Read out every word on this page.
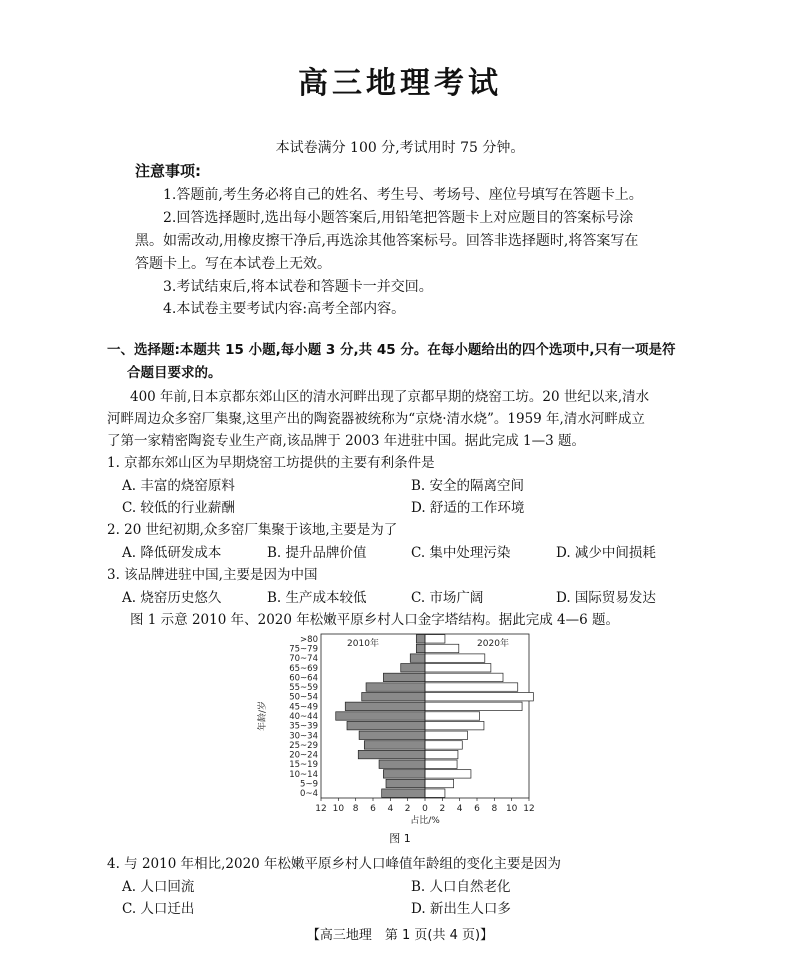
高三地理考试
本试卷满分 100 分,考试用时 75 分钟。
注意事项:
1.答题前,考生务必将自己的姓名、考生号、考场号、座位号填写在答题卡上。
2.回答选择题时,选出每小题答案后,用铅笔把答题卡上对应题目的答案标号涂
黑。如需改动,用橡皮擦干净后,再选涂其他答案标号。回答非选择题时,将答案写在
答题卡上。写在本试卷上无效。
3.考试结束后,将本试卷和答题卡一并交回。
4.本试卷主要考试内容:高考全部内容。
一、选择题:本题共 15 小题,每小题 3 分,共 45 分。在每小题给出的四个选项中,只有一项是符
合题目要求的。
400 年前,日本京都东郊山区的清水河畔出现了京都早期的烧窑工坊。20 世纪以来,清水
河畔周边众多窑厂集聚,这里产出的陶瓷器被统称为“京烧·清水烧”。1959 年,清水河畔成立
了第一家精密陶瓷专业生产商,该品牌于 2003 年进驻中国。据此完成 1—3 题。
1. 京都东郊山区为早期烧窑工坊提供的主要有利条件是
A. 丰富的烧窑原料	B. 安全的隔离空间
C. 较低的行业薪酬	D. 舒适的工作环境
2. 20 世纪初期,众多窑厂集聚于该地,主要是为了
A. 降低研发成本	B. 提升品牌价值	C. 集中处理污染	D. 减少中间损耗
3. 该品牌进驻中国,主要是因为中国
A. 烧窑历史悠久	B. 生产成本较低	C. 市场广阔	D. 国际贸易发达
图 1 示意 2010 年、2020 年松嫩平原乡村人口金字塔结构。据此完成 4—6 题。
0~4
5~9
10~14
15~19
20~24
25~29
30~34
35~39
40~44
45~49
50~54
55~59
60~64
65~69
70~74
75~79
>80
12 10 8 6 4 2 0 2 4 6 8 10 12
2010年	2020年
占比/%
年龄/岁
图 1
4. 与 2010 年相比,2020 年松嫩平原乡村人口峰值年龄组的变化主要是因为
A. 人口回流	B. 人口自然老化
C. 人口迁出	D. 新出生人口多
【高三地理　第 1 页(共 4 页)】
